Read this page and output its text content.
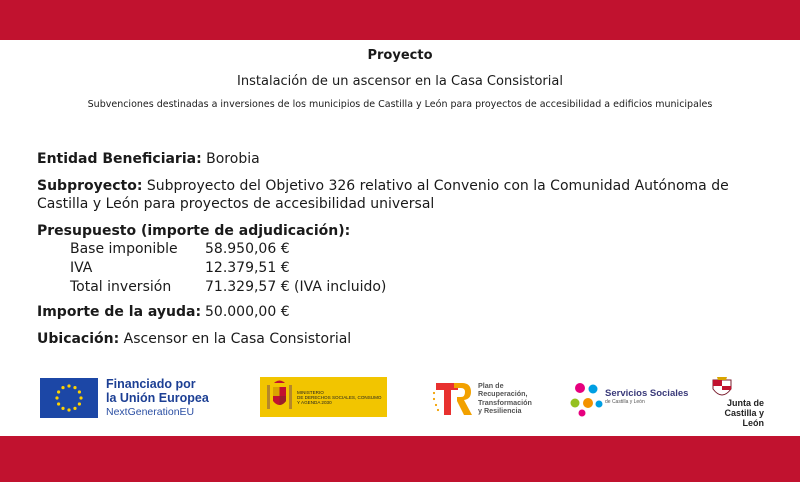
Proyecto
Instalación de un ascensor en la Casa Consistorial
Subvenciones destinadas a inversiones de los municipios de Castilla y León para proyectos de accesibilidad a edificios municipales
Entidad Beneficiaria: Borobia
Subproyecto: Subproyecto del Objetivo 326 relativo al Convenio con la Comunidad Autónoma de Castilla y León para proyectos de accesibilidad universal
Presupuesto (importe de adjudicación):
Base imponible	58.950,06 €
IVA	12.379,51 €
Total inversión	71.329,57 € (IVA incluido)
Importe de la ayuda: 50.000,00 €
Ubicación: Ascensor en la Casa Consistorial
Financiado por
la Unión Europea
NextGenerationEU
MINISTERIO
DE DERECHOS SOCIALES, CONSUMO
Y AGENDA 2030
Plan de
Recuperación,
Transformación
y Resiliencia
Servicios Sociales
de Castilla y León	Junta de
Castilla y León
